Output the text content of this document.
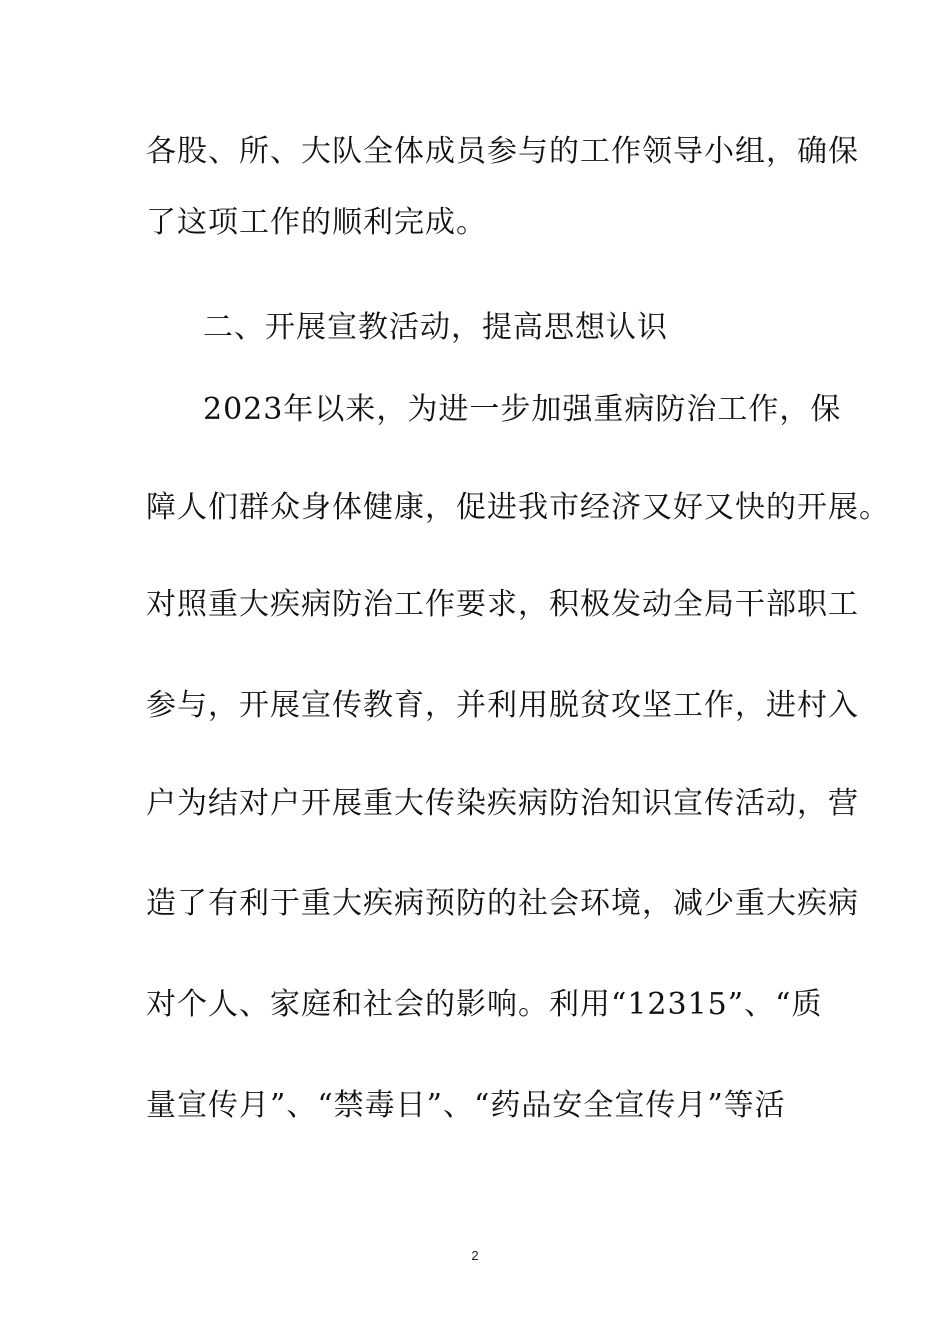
各股、所、大队全体成员参与的工作领导小组，确保
了这项工作的顺利完成。
二、开展宣教活动，提高思想认识
2023年以来，为进一步加强重病防治工作，保
障人们群众身体健康，促进我市经济又好又快的开展。
对照重大疾病防治工作要求，积极发动全局干部职工
参与，开展宣传教育，并利用脱贫攻坚工作，进村入
户为结对户开展重大传染疾病防治知识宣传活动，营
造了有利于重大疾病预防的社会环境，减少重大疾病
对个人、家庭和社会的影响。利用“12315”、“质
量宣传月”、“禁毒日”、“药品安全宣传月”等活
2
